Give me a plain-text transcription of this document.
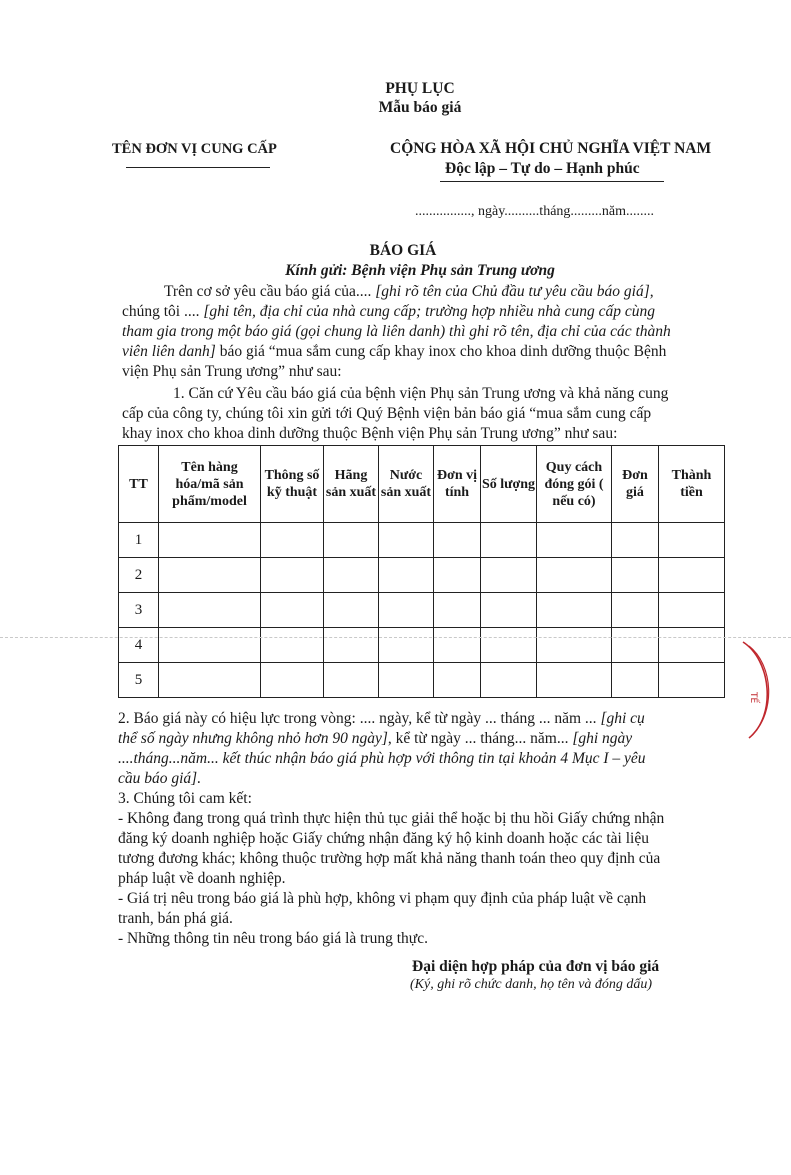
PHỤ LỤC
Mẫu báo giá
TÊN ĐƠN VỊ CUNG CẤP	CỘNG HÒA XÃ HỘI CHỦ NGHĨA VIỆT NAM
Độc lập – Tự do – Hạnh phúc
................, ngày..........tháng.........năm........
BÁO GIÁ
Kính gửi: Bệnh viện Phụ sản Trung ương
Trên cơ sở yêu cầu báo giá của.... [ghi rõ tên của Chủ đầu tư yêu cầu báo giá],
chúng tôi .... [ghi tên, địa chỉ của nhà cung cấp; trường hợp nhiều nhà cung cấp cùng
tham gia trong một báo giá (gọi chung là liên danh) thì ghi rõ tên, địa chỉ của các thành
viên liên danh] báo giá “mua sắm cung cấp khay inox cho khoa dinh dưỡng thuộc Bệnh
viện Phụ sản Trung ương” như sau:
1. Căn cứ Yêu cầu báo giá của bệnh viện Phụ sản Trung ương và khả năng cung
cấp của công ty, chúng tôi xin gửi tới Quý Bệnh viện bản báo giá “mua sắm cung cấp
khay inox cho khoa dinh dưỡng thuộc Bệnh viện Phụ sản Trung ương” như sau:
TT	Tên hàng hóa/mã sản phẩm/model	Thông số kỹ thuật	Hãng sản xuất	Nước sản xuất	Đơn vị tính	Số lượng	Quy cách đóng gói ( nếu có)	Đơn giá	Thành tiền
1									
2									
3									
4									
5									
2. Báo giá này có hiệu lực trong vòng: .... ngày, kể từ ngày ... tháng ... năm ... [ghi cụ
thể số ngày nhưng không nhỏ hơn 90 ngày], kể từ ngày ... tháng... năm... [ghi ngày
....tháng...năm... kết thúc nhận báo giá phù hợp với thông tin tại khoản 4 Mục I – yêu
cầu báo giá].
3. Chúng tôi cam kết:
- Không đang trong quá trình thực hiện thủ tục giải thể hoặc bị thu hồi Giấy chứng nhận
đăng ký doanh nghiệp hoặc Giấy chứng nhận đăng ký hộ kinh doanh hoặc các tài liệu
tương đương khác; không thuộc trường hợp mất khả năng thanh toán theo quy định của
pháp luật về doanh nghiệp.
- Giá trị nêu trong báo giá là phù hợp, không vi phạm quy định của pháp luật về cạnh
tranh, bán phá giá.
- Những thông tin nêu trong báo giá là trung thực.
Đại diện hợp pháp của đơn vị báo giá
(Ký, ghi rõ chức danh, họ tên và đóng dấu)
TẾ
